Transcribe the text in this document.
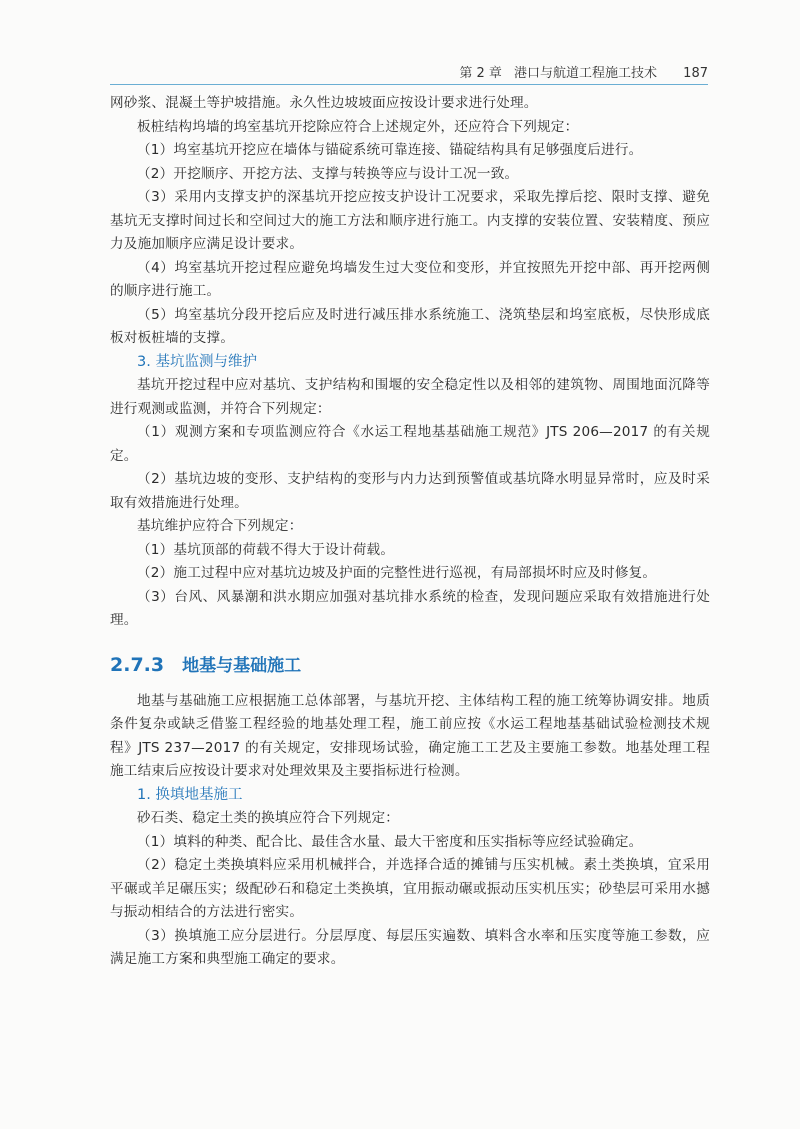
第 2 章 港口与航道工程施工技术 187

网砂浆、混凝土等护坡措施。永久性边坡坡面应按设计要求进行处理。

板桩结构坞墙的坞室基坑开挖除应符合上述规定外，还应符合下列规定：

（1）坞室基坑开挖应在墙体与锚碇系统可靠连接、锚碇结构具有足够强度后进行。

（2）开挖顺序、开挖方法、支撑与转换等应与设计工况一致。

（3）采用内支撑支护的深基坑开挖应按支护设计工况要求，采取先撑后挖、限时支撑、避免基坑无支撑时间过长和空间过大的施工方法和顺序进行施工。内支撑的安装位置、安装精度、预应力及施加顺序应满足设计要求。

（4）坞室基坑开挖过程应避免坞墙发生过大变位和变形，并宜按照先开挖中部、再开挖两侧的顺序进行施工。

（5）坞室基坑分段开挖后应及时进行减压排水系统施工、浇筑垫层和坞室底板，尽快形成底板对板桩墙的支撑。

3. 基坑监测与维护

基坑开挖过程中应对基坑、支护结构和围堰的安全稳定性以及相邻的建筑物、周围地面沉降等进行观测或监测，并符合下列规定：

（1）观测方案和专项监测应符合《水运工程地基基础施工规范》JTS 206—2017 的有关规定。

（2）基坑边坡的变形、支护结构的变形与内力达到预警值或基坑降水明显异常时，应及时采取有效措施进行处理。

基坑维护应符合下列规定：

（1）基坑顶部的荷载不得大于设计荷载。

（2）施工过程中应对基坑边坡及护面的完整性进行巡视，有局部损坏时应及时修复。

（3）台风、风暴潮和洪水期应加强对基坑排水系统的检查，发现问题应采取有效措施进行处理。

2.7.3 地基与基础施工

地基与基础施工应根据施工总体部署，与基坑开挖、主体结构工程的施工统筹协调安排。地质条件复杂或缺乏借鉴工程经验的地基处理工程，施工前应按《水运工程地基基础试验检测技术规程》JTS 237—2017 的有关规定，安排现场试验，确定施工工艺及主要施工参数。地基处理工程施工结束后应按设计要求对处理效果及主要指标进行检测。

1. 换填地基施工

砂石类、稳定土类的换填应符合下列规定：

（1）填料的种类、配合比、最佳含水量、最大干密度和压实指标等应经试验确定。

（2）稳定土类换填料应采用机械拌合，并选择合适的摊铺与压实机械。素土类换填，宜采用平碾或羊足碾压实；级配砂石和稳定土类换填，宜用振动碾或振动压实机压实；砂垫层可采用水撼与振动相结合的方法进行密实。

（3）换填施工应分层进行。分层厚度、每层压实遍数、填料含水率和压实度等施工参数，应满足施工方案和典型施工确定的要求。
